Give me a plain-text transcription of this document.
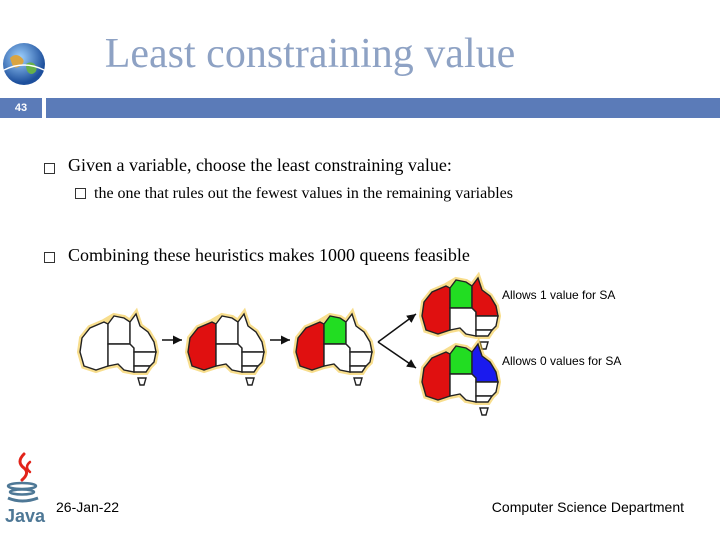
Least constraining value
43
Given a variable, choose the least constraining value:
the one that rules out the fewest values in the remaining variables
Combining these heuristics makes 1000 queens feasible
Allows 1 value for SA
Allows 0 values for SA
Java 26-Jan-22	Computer Science Department
